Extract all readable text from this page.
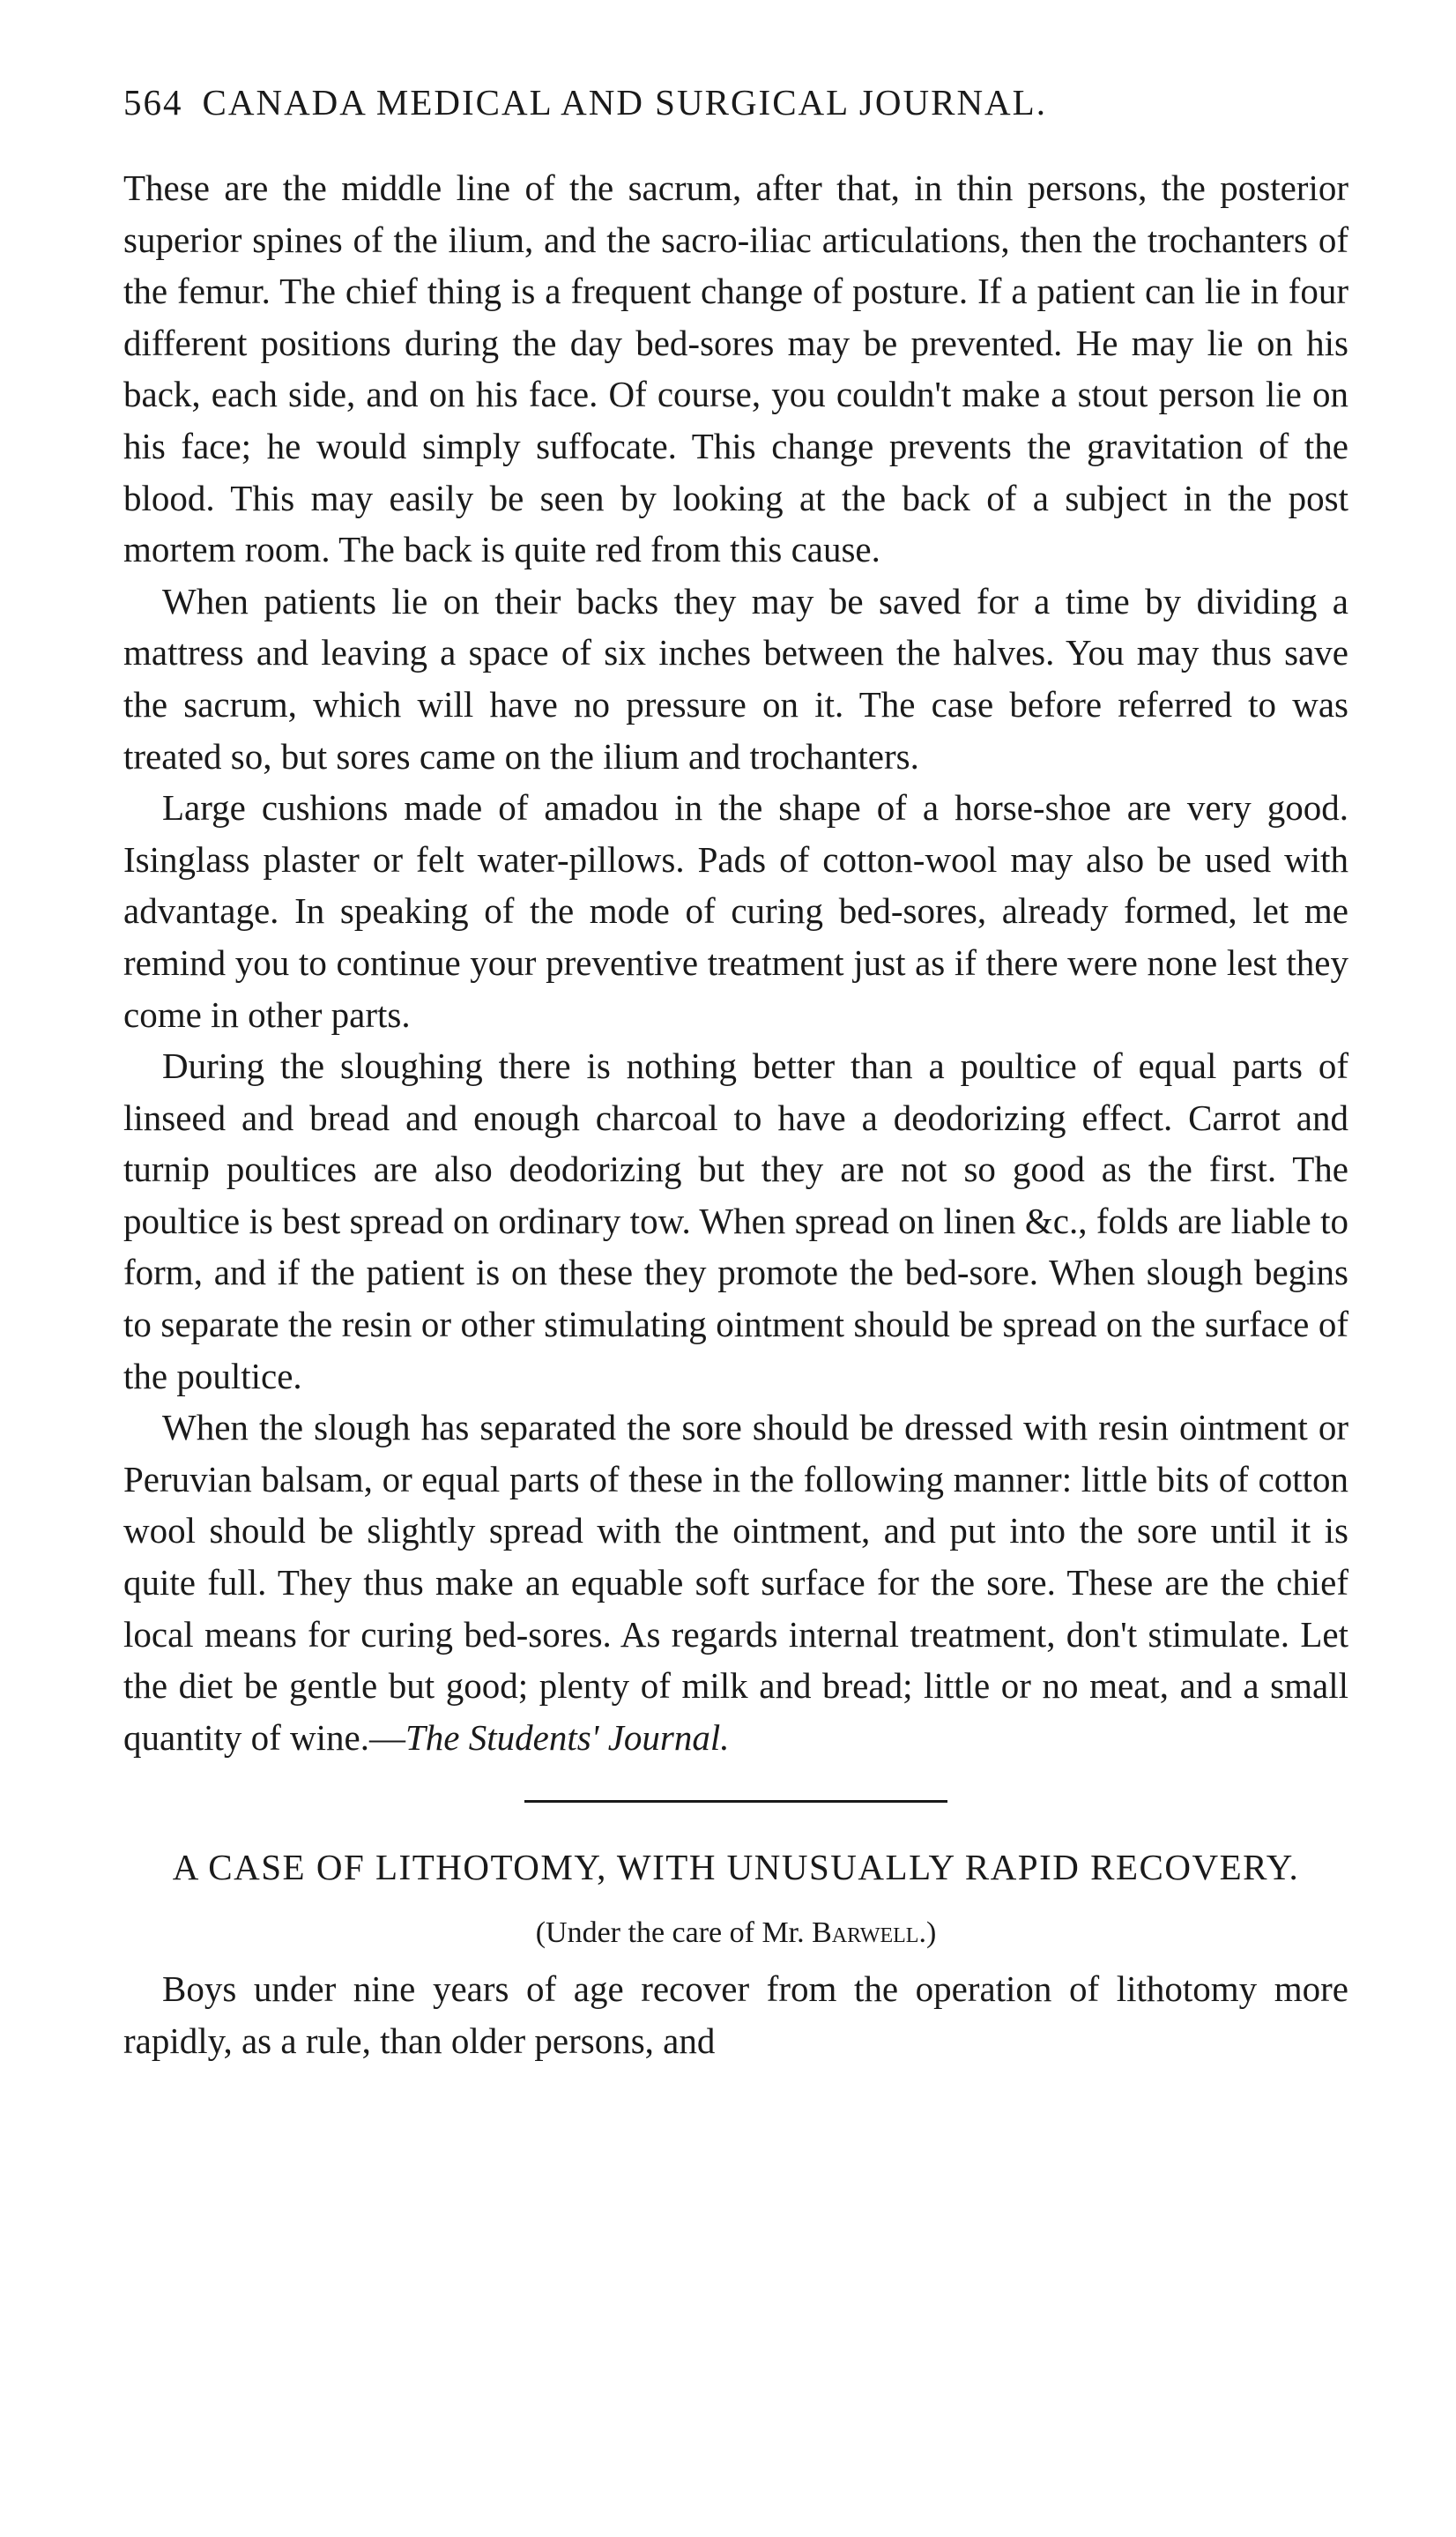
564 CANADA MEDICAL AND SURGICAL JOURNAL.

These are the middle line of the sacrum, after that, in thin persons, the posterior superior spines of the ilium, and the sacro-iliac articulations, then the trochanters of the femur. The chief thing is a frequent change of posture. If a patient can lie in four different positions during the day bed-sores may be prevented. He may lie on his back, each side, and on his face. Of course, you couldn't make a stout person lie on his face; he would simply suffocate. This change prevents the gravitation of the blood. This may easily be seen by looking at the back of a subject in the post mortem room. The back is quite red from this cause.

When patients lie on their backs they may be saved for a time by dividing a mattress and leaving a space of six inches between the halves. You may thus save the sacrum, which will have no pressure on it. The case before referred to was treated so, but sores came on the ilium and trochanters.

Large cushions made of amadou in the shape of a horse-shoe are very good. Isinglass plaster or felt water-pillows. Pads of cotton-wool may also be used with advantage. In speaking of the mode of curing bed-sores, already formed, let me remind you to continue your preventive treatment just as if there were none lest they come in other parts.

During the sloughing there is nothing better than a poultice of equal parts of linseed and bread and enough charcoal to have a deodorizing effect. Carrot and turnip poultices are also deodorizing but they are not so good as the first. The poultice is best spread on ordinary tow. When spread on linen &c., folds are liable to form, and if the patient is on these they promote the bed-sore. When slough begins to separate the resin or other stimulating ointment should be spread on the surface of the poultice.

When the slough has separated the sore should be dressed with resin ointment or Peruvian balsam, or equal parts of these in the following manner: little bits of cotton wool should be slightly spread with the ointment, and put into the sore until it is quite full. They thus make an equable soft surface for the sore. These are the chief local means for curing bed-sores. As regards internal treatment, don't stimulate. Let the diet be gentle but good; plenty of milk and bread; little or no meat, and a small quantity of wine.—The Students' Journal.

A CASE OF LITHOTOMY, WITH UNUSUALLY RAPID RECOVERY.
(Under the care of Mr. Barwell.)

Boys under nine years of age recover from the operation of lithotomy more rapidly, as a rule, than older persons, and
